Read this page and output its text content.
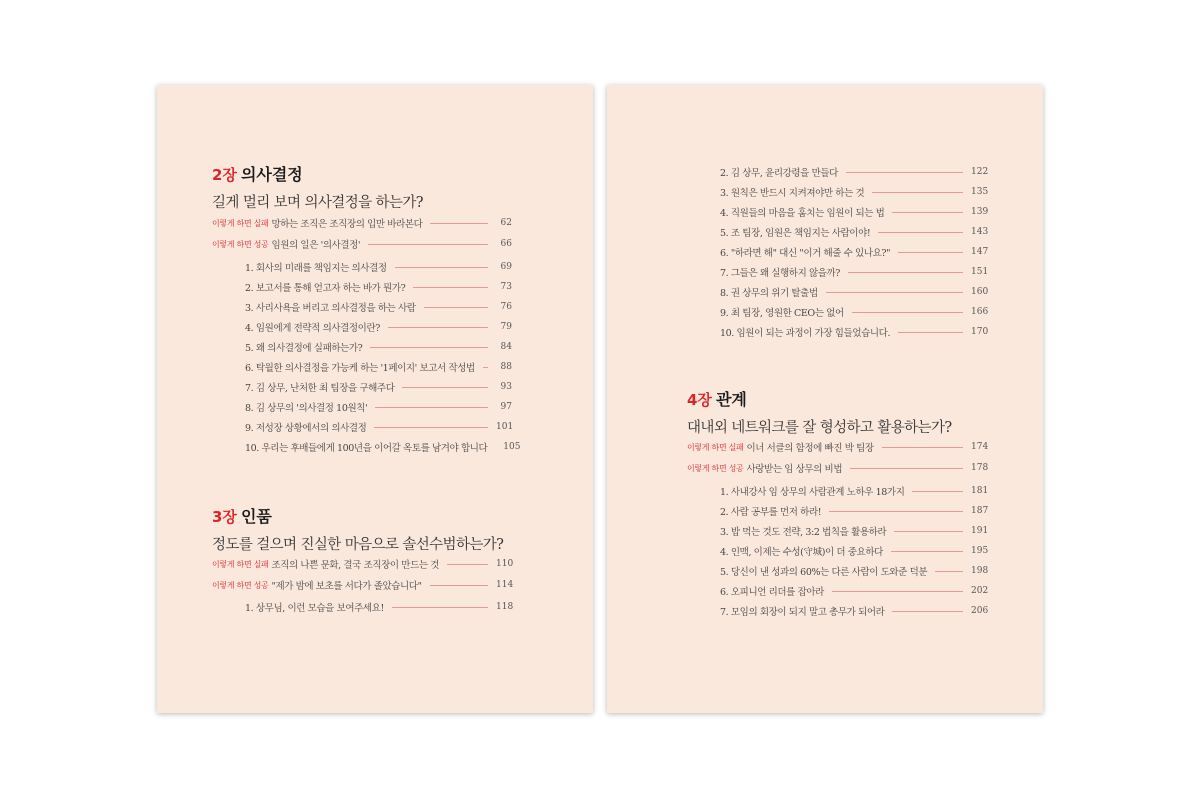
2장 의사결정
길게 멀리 보며 의사결정을 하는가?
이렇게 하면 실패 망하는 조직은 조직장의 입만 바라본다	62
이렇게 하면 성공 임원의 일은 '의사결정'	66
1. 회사의 미래를 책임지는 의사결정	69
2. 보고서를 통해 얻고자 하는 바가 뭔가?	73
3. 사리사욕을 버리고 의사결정을 하는 사람	76
4. 임원에게 전략적 의사결정이란?	79
5. 왜 의사결정에 실패하는가?	84
6. 탁월한 의사결정을 가능케 하는 '1페이지' 보고서 작성법	88
7. 김 상무, 난처한 최 팀장을 구해주다	93
8. 김 상무의 '의사결정 10원칙'	97
9. 저성장 상황에서의 의사결정	101
10. 우리는 후배들에게 100년을 이어갈 옥토를 남겨야 합니다 105
3장 인품
정도를 걸으며 진실한 마음으로 솔선수범하는가?
이렇게 하면 실패 조직의 나쁜 문화, 결국 조직장이 만드는 것	110
이렇게 하면 성공 "제가 밤에 보초를 서다가 졸았습니다"	114
1. 상무님, 이런 모습을 보여주세요!	118
2. 김 상무, 윤리강령을 만들다	122
3. 원칙은 반드시 지켜져야만 하는 것	135
4. 직원들의 마음을 훔치는 임원이 되는 법	139
5. 조 팀장, 임원은 책임지는 사람이야!	143
6. "하라면 해" 대신 "이거 해줄 수 있나요?"	147
7. 그들은 왜 실행하지 않을까?	151
8. 권 상무의 위기 탈출법	160
9. 최 팀장, 영원한 CEO는 없어	166
10. 임원이 되는 과정이 가장 힘들었습니다.	170
4장 관계
대내외 네트워크를 잘 형성하고 활용하는가?
이렇게 하면 실패 이너 서클의 함정에 빠진 박 팀장	174
이렇게 하면 성공 사랑받는 임 상무의 비법	178
1. 사내강사 임 상무의 사람관계 노하우 18가지	181
2. 사람 공부를 먼저 하라!	187
3. 밥 먹는 것도 전략, 3:2 법칙을 활용하라	191
4. 인맥, 이제는 수성(守城)이 더 중요하다	195
5. 당신이 낸 성과의 60%는 다른 사람이 도와준 덕분	198
6. 오피니언 리더를 잡아라	202
7. 모임의 회장이 되지 말고 총무가 되어라	206
